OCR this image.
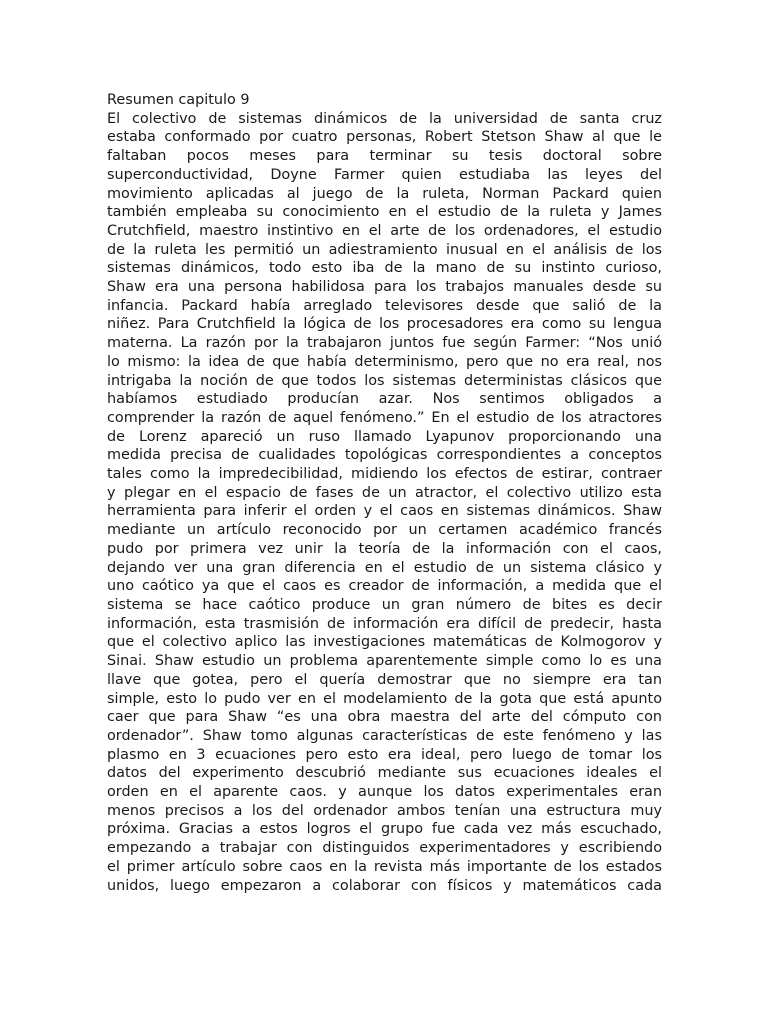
Resumen capitulo 9
El colectivo de sistemas dinámicos de la universidad de santa cruz
estaba conformado por cuatro personas, Robert Stetson Shaw al que le
faltaban pocos meses para terminar su tesis doctoral sobre
superconductividad, Doyne Farmer quien estudiaba las leyes del
movimiento aplicadas al juego de la ruleta, Norman Packard quien
también empleaba su conocimiento en el estudio de la ruleta y James
Crutchfield, maestro instintivo en el arte de los ordenadores, el estudio
de la ruleta les permitió un adiestramiento inusual en el análisis de los
sistemas dinámicos, todo esto iba de la mano de su instinto curioso,
Shaw era una persona habilidosa para los trabajos manuales desde su
infancia. Packard había arreglado televisores desde que salió de la
niñez. Para Crutchfield la lógica de los procesadores era como su lengua
materna. La razón por la trabajaron juntos fue según Farmer: “Nos unió
lo mismo: la idea de que había determinismo, pero que no era real, nos
intrigaba la noción de que todos los sistemas deterministas clásicos que
habíamos estudiado producían azar. Nos sentimos obligados a
comprender la razón de aquel fenómeno.” En el estudio de los atractores
de Lorenz apareció un ruso llamado Lyapunov proporcionando una
medida precisa de cualidades topológicas correspondientes a conceptos
tales como la impredecibilidad, midiendo los efectos de estirar, contraer
y plegar en el espacio de fases de un atractor, el colectivo utilizo esta
herramienta para inferir el orden y el caos en sistemas dinámicos. Shaw
mediante un artículo reconocido por un certamen académico francés
pudo por primera vez unir la teoría de la información con el caos,
dejando ver una gran diferencia en el estudio de un sistema clásico y
uno caótico ya que el caos es creador de información, a medida que el
sistema se hace caótico produce un gran número de bites es decir
información, esta trasmisión de información era difícil de predecir, hasta
que el colectivo aplico las investigaciones matemáticas de Kolmogorov y
Sinai. Shaw estudio un problema aparentemente simple como lo es una
llave que gotea, pero el quería demostrar que no siempre era tan
simple, esto lo pudo ver en el modelamiento de la gota que está apunto
caer que para Shaw “es una obra maestra del arte del cómputo con
ordenador”. Shaw tomo algunas características de este fenómeno y las
plasmo en 3 ecuaciones pero esto era ideal, pero luego de tomar los
datos del experimento descubrió mediante sus ecuaciones ideales el
orden en el aparente caos. y aunque los datos experimentales eran
menos precisos a los del ordenador ambos tenían una estructura muy
próxima. Gracias a estos logros el grupo fue cada vez más escuchado,
empezando a trabajar con distinguidos experimentadores y escribiendo
el primer artículo sobre caos en la revista más importante de los estados
unidos, luego empezaron a colaborar con físicos y matemáticos cada
